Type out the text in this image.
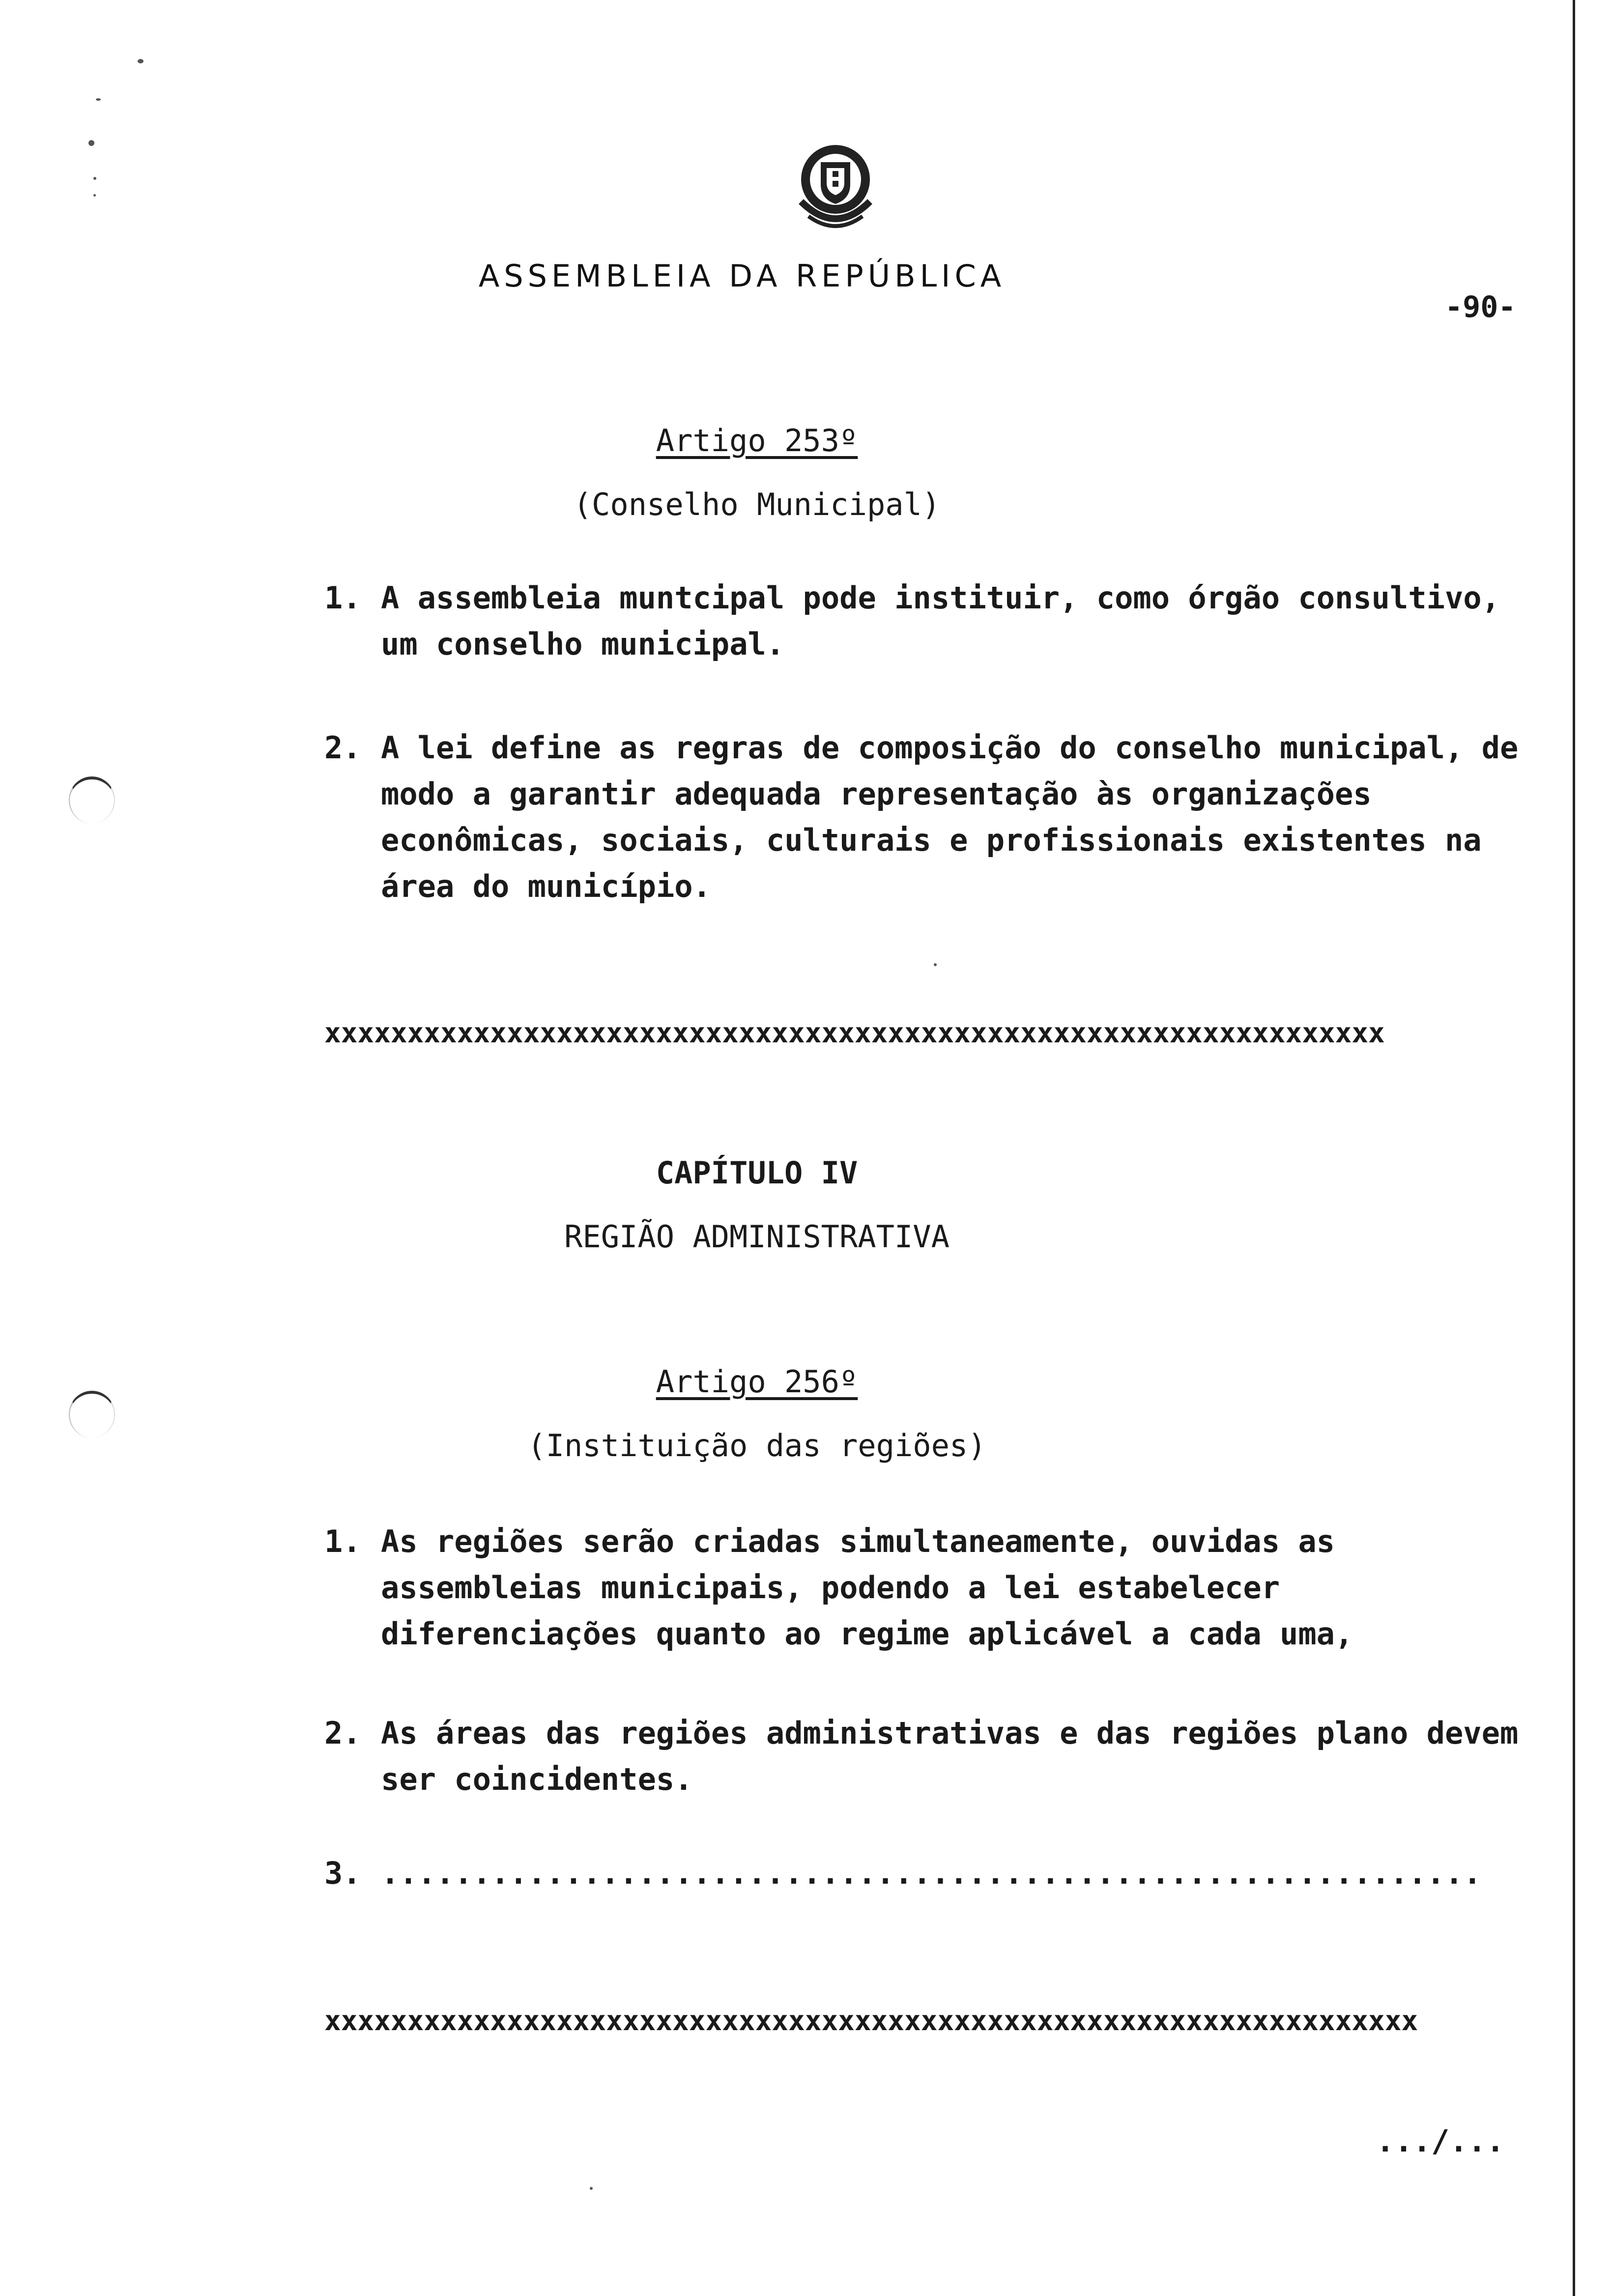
ASSEMBLEIA DA REPÚBLICA
-90-
Artigo 253º
(Conselho Municipal)
1. A assembleia muntcipal pode instituir, como órgão consultivo, um conselho municipal.
2. A lei define as regras de composição do conselho municipal, de modo a garantir adequada representação às organizações econômicas, sociais, culturais e profissionais existentes na área do município.
xxxxxxxxxxxxxxxxxxxxxxxxxxxxxxxxxxxxxxxxxxxxxxxxxxxxxxxxxxxxxxxx
CAPÍTULO IV
REGIÃO ADMINISTRATIVA
Artigo 256º
(Instituição das regiões)
1. As regiões serão criadas simultaneamente, ouvidas as assembleias municipais, podendo a lei estabelecer diferenciações quanto ao regime aplicável a cada uma,
2. As áreas das regiões administrativas e das regiões plano devem ser coincidentes.
3. ............................................................
xxxxxxxxxxxxxxxxxxxxxxxxxxxxxxxxxxxxxxxxxxxxxxxxxxxxxxxxxxxxxxxxxx
.../...
